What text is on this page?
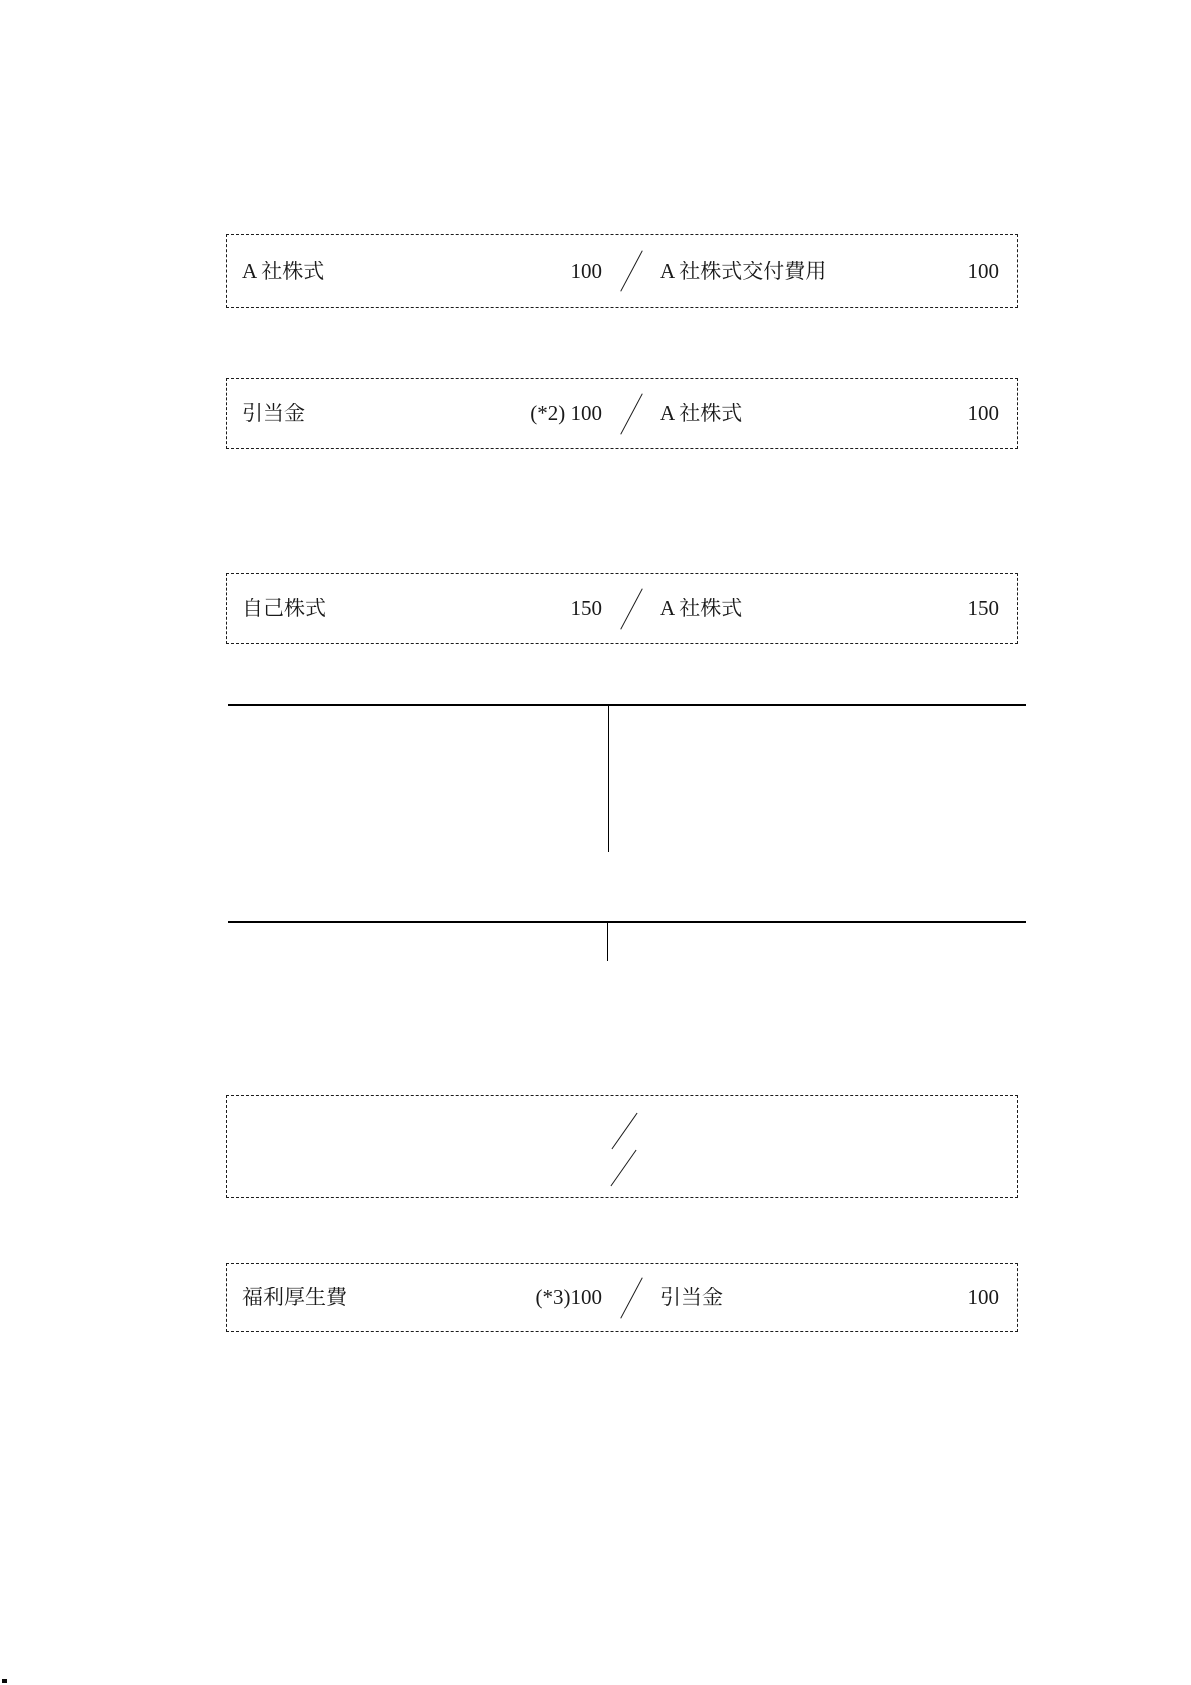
A 社株式	100	A 社株式交付費用	100
引当金	(*2) 100	A 社株式	100
自己株式	150	A 社株式	150
福利厚生費	(*3)100	引当金	100
